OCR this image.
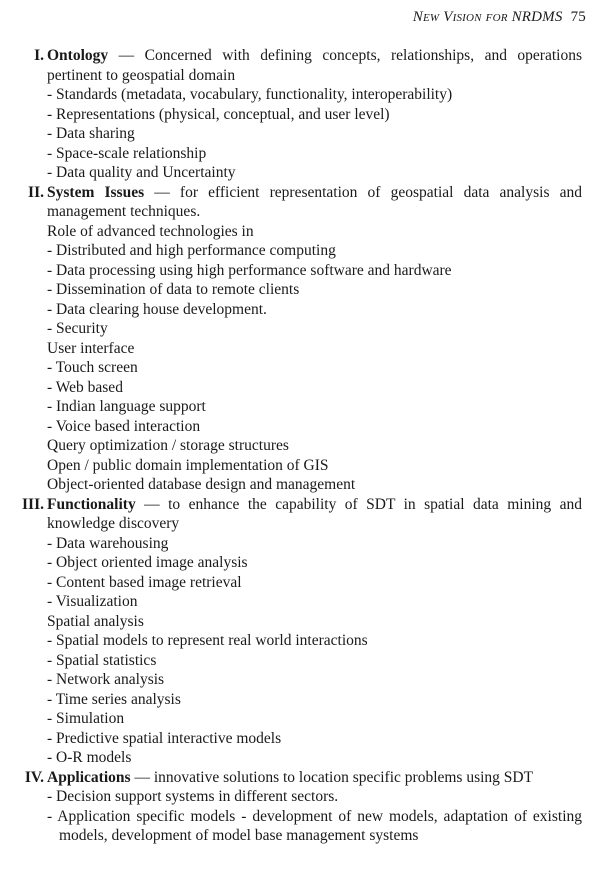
New Vision for NRDMS 75
I. Ontology — Concerned with defining concepts, relationships, and operations pertinent to geospatial domain
- Standards (metadata, vocabulary, functionality, interoperability)
- Representations (physical, conceptual, and user level)
- Data sharing
- Space-scale relationship
- Data quality and Uncertainty
II. System Issues — for efficient representation of geospatial data analysis and management techniques.
Role of advanced technologies in
- Distributed and high performance computing
- Data processing using high performance software and hardware
- Dissemination of data to remote clients
- Data clearing house development.
- Security
User interface
- Touch screen
- Web based
- Indian language support
- Voice based interaction
Query optimization / storage structures
Open / public domain implementation of GIS
Object-oriented database design and management
III. Functionality — to enhance the capability of SDT in spatial data mining and knowledge discovery
- Data warehousing
- Object oriented image analysis
- Content based image retrieval
- Visualization
Spatial analysis
- Spatial models to represent real world interactions
- Spatial statistics
- Network analysis
- Time series analysis
- Simulation
- Predictive spatial interactive models
- O-R models
IV. Applications — innovative solutions to location specific problems using SDT
- Decision support systems in different sectors.
- Application specific models - development of new models, adaptation of existing models, development of model base management systems
